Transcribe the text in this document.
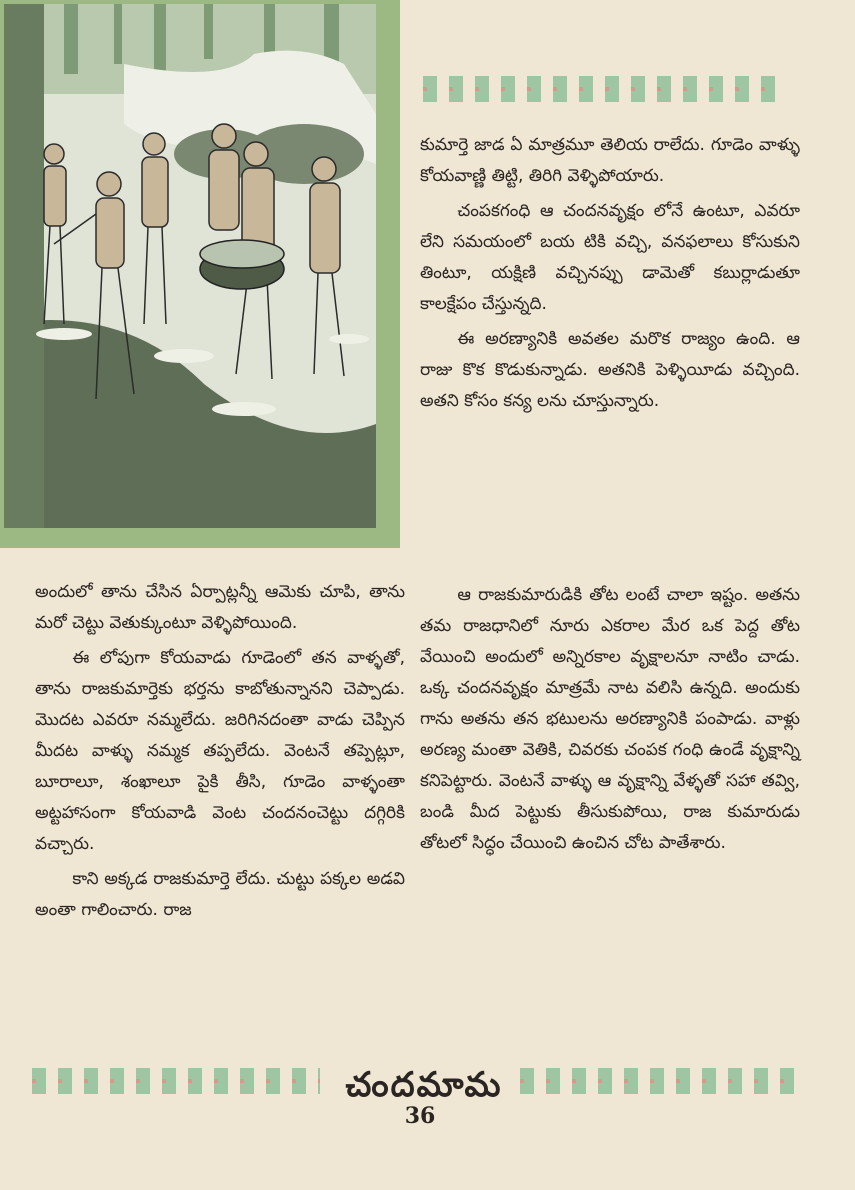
కుమార్తె జాడ ఏ మాత్రమూ తెలియ రాలేదు. గూడెం వాళ్ళు కోయవాణ్ణి తిట్టి, తిరిగి వెళ్ళిపోయారు.

చంపకగంధి ఆ చందనవృక్షం లోనే ఉంటూ, ఎవరూ లేని సమయంలో బయ టికి వచ్చి, వనఫలాలు కోసుకుని తింటూ, యక్షిణి వచ్చినప్పు డామెతో కబుర్లాడుతూ కాలక్షేపం చేస్తున్నది.

ఈ అరణ్యానికి అవతల మరొక రాజ్యం ఉంది. ఆ రాజు కొక కొడుకున్నాడు. అతనికి పెళ్ళియీడు వచ్చింది. అతని కోసం కన్య లను చూస్తున్నారు.

అందులో తాను చేసిన ఏర్పాట్లన్నీ ఆమెకు చూపి, తాను మరో చెట్టు వెతుక్కుంటూ వెళ్ళిపోయింది.

ఈ లోపుగా కోయవాడు గూడెంలో తన వాళ్ళతో, తాను రాజకుమార్తెకు భర్తను కాబోతున్నానని చెప్పాడు. మొదట ఎవరూ నమ్మలేదు. జరిగినదంతా వాడు చెప్పిన మీదట వాళ్ళు నమ్మక తప్పలేదు. వెంటనే తప్పెట్లూ, బూరాలూ, శంఖాలూ పైకి తీసి, గూడెం వాళ్ళంతా అట్టహాసంగా కోయవాడి వెంట చందనంచెట్టు దగ్గిరికి వచ్చారు.

కాని అక్కడ రాజకుమార్తె లేదు. చుట్టు పక్కల అడవి అంతా గాలించారు. రాజ

ఆ రాజకుమారుడికి తోట లంటే చాలా ఇష్టం. అతను తమ రాజధానిలో నూరు ఎకరాల మేర ఒక పెద్ద తోట వేయించి అందులో అన్నిరకాల వృక్షాలనూ నాటిం చాడు. ఒక్క చందనవృక్షం మాత్రమే నాట వలిసి ఉన్నది. అందుకు గాను అతను తన భటులను అరణ్యానికి పంపాడు. వాళ్లు అరణ్య మంతా వెతికి, చివరకు చంపక గంధి ఉండే వృక్షాన్ని కనిపెట్టారు. వెంటనే వాళ్ళు ఆ వృక్షాన్ని వేళ్ళతో సహా తవ్వి, బండి మీద పెట్టుకు తీసుకుపోయి, రాజ కుమారుడు తోటలో సిద్ధం చేయించి ఉంచిన చోట పాతేశారు.

చందమామ
36
